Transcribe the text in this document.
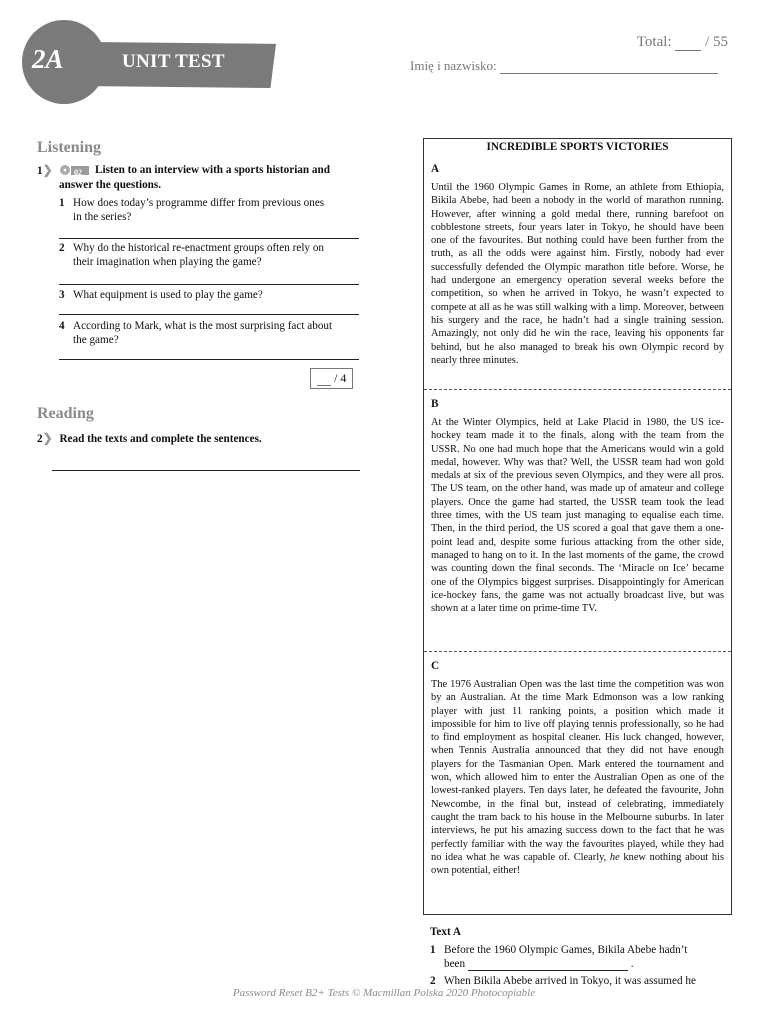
2A	UNIT TEST
Total: / 55
Imię i nazwisko:
Listening
1❯	02 Listen to an interview with a sports historian and
answer the questions.
1 How does today’s programme differ from previous ones
in the series?
2 Why do the historical re-enactment groups often rely on
their imagination when playing the game?
3 What equipment is used to play the game?
4 According to Mark, what is the most surprising fact about
the game?
/ 4
Reading
2❯ Read the texts and complete the sentences.
INCREDIBLE SPORTS VICTORIES
A
Until the 1960 Olympic Games in Rome, an athlete from Ethiopia, Bikila Abebe, had been a nobody in the world of marathon running. However, after winning a gold medal there, running barefoot on cobblestone streets, four years later in Tokyo, he should have been one of the favourites. But nothing could have been further from the truth, as all the odds were against him. Firstly, nobody had ever successfully defended the Olympic marathon title before. Worse, he had undergone an emergency operation several weeks before the competition, so when he arrived in Tokyo, he wasn’t expected to compete at all as he was still walking with a limp. Moreover, between his surgery and the race, he hadn’t had a single training session. Amazingly, not only did he win the race, leaving his opponents far behind, but he also managed to break his own Olympic record by nearly three minutes.
B
At the Winter Olympics, held at Lake Placid in 1980, the US ice-hockey team made it to the finals, along with the team from the USSR. No one had much hope that the Americans would win a gold medal, however. Why was that? Well, the USSR team had won gold medals at six of the previous seven Olympics, and they were all pros. The US team, on the other hand, was made up of amateur and college players. Once the game had started, the USSR team took the lead three times, with the US team just managing to equalise each time. Then, in the third period, the US scored a goal that gave them a one-point lead and, despite some furious attacking from the other side, managed to hang on to it. In the last moments of the game, the crowd was counting down the final seconds. The ‘Miracle on Ice’ became one of the Olympics biggest surprises. Disappointingly for American ice-hockey fans, the game was not actually broadcast live, but was shown at a later time on prime-time TV.
C
The 1976 Australian Open was the last time the competition was won by an Australian. At the time Mark Edmonson was a low ranking player with just 11 ranking points, a position which made it impossible for him to live off playing tennis professionally, so he had to find employment as hospital cleaner. His luck changed, however, when Tennis Australia announced that they did not have enough players for the Tasmanian Open. Mark entered the tournament and won, which allowed him to enter the Australian Open as one of the lowest-ranked players. Ten days later, he defeated the favourite, John Newcombe, in the final but, instead of celebrating, immediately caught the tram back to his house in the Melbourne suburbs. In later interviews, he put his amazing success down to the fact that he was perfectly familiar with the way the favourites played, while they had no idea what he was capable of. Clearly, he knew nothing about his own potential, either!
Text A
1 Before the 1960 Olympic Games, Bikila Abebe hadn’t
been	.
2 When Bikila Abebe arrived in Tokyo, it was assumed he
Password Reset B2+ Tests © Macmillan Polska 2020 Photocopiable
